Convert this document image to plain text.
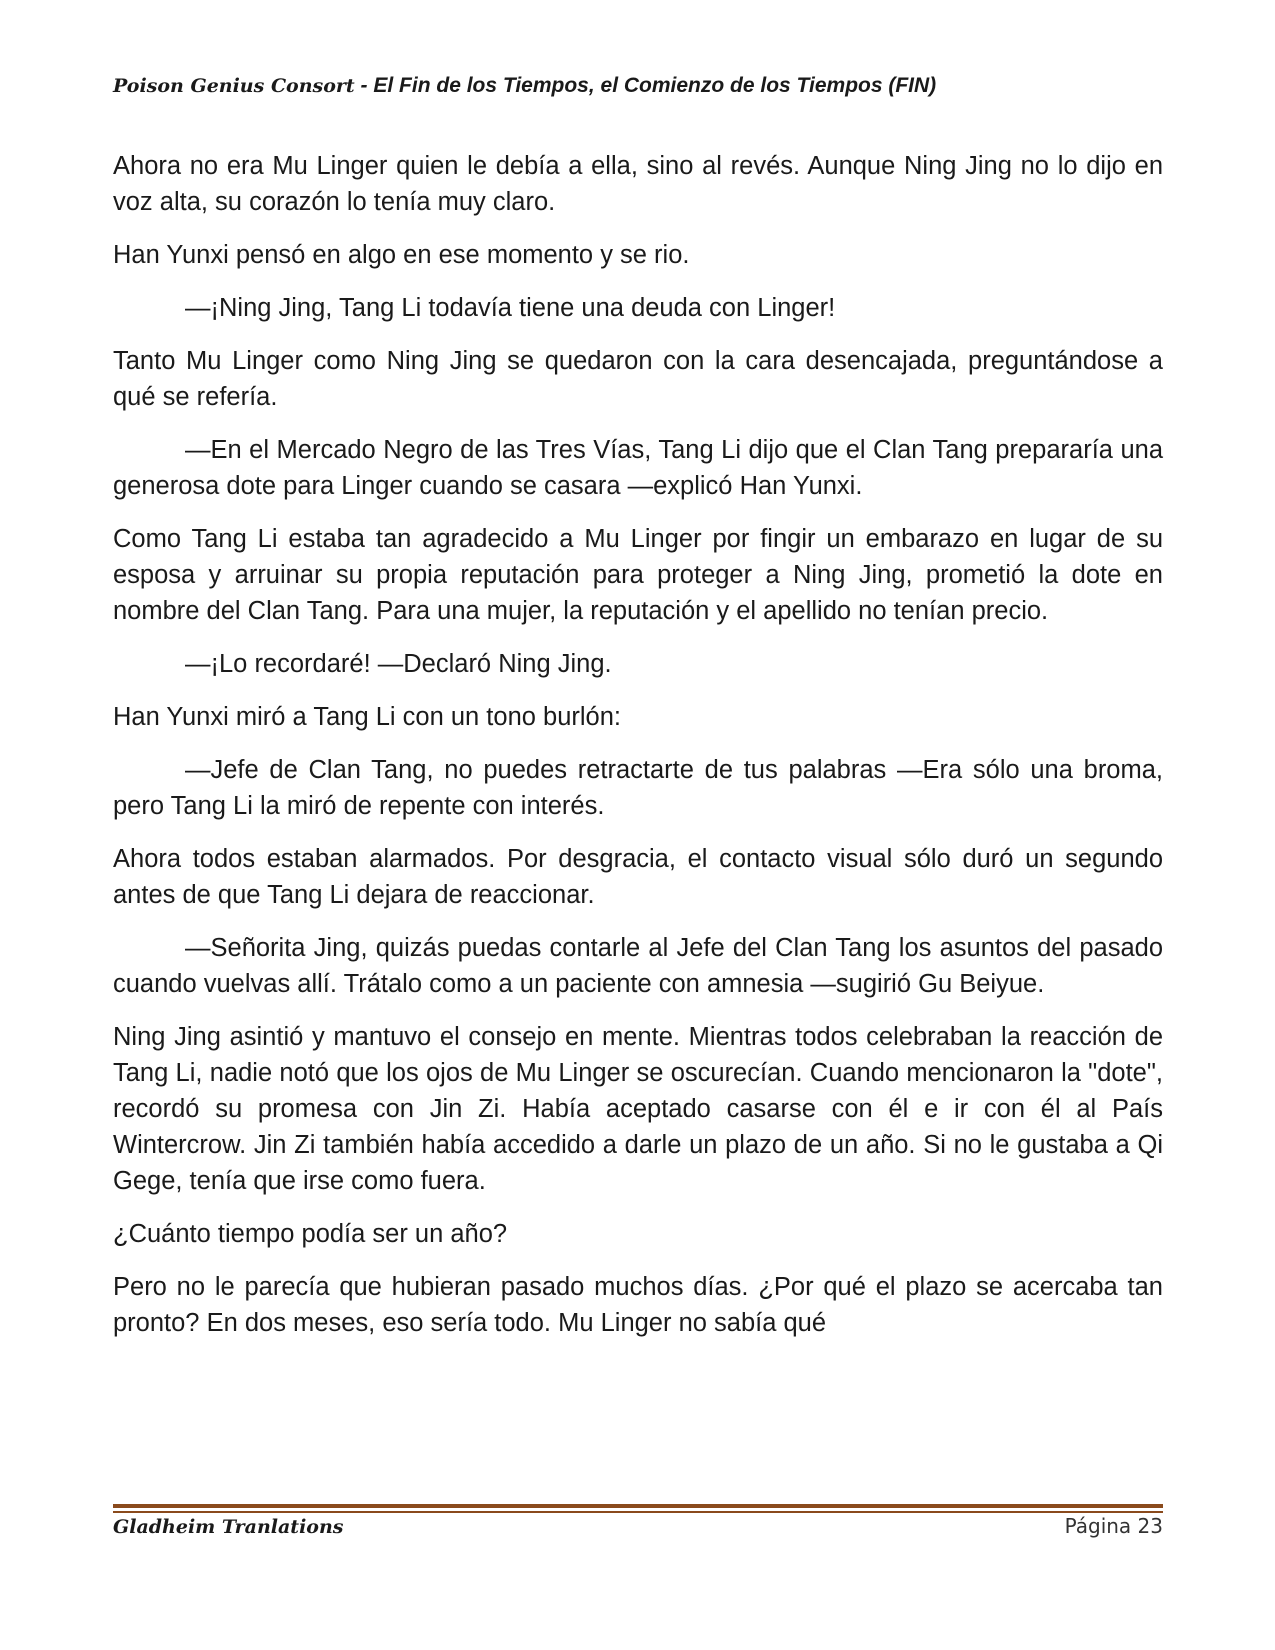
Poison Genius Consort - El Fin de los Tiempos, el Comienzo de los Tiempos (FIN)

Ahora no era Mu Linger quien le debía a ella, sino al revés. Aunque Ning Jing no lo dijo en voz alta, su corazón lo tenía muy claro.

Han Yunxi pensó en algo en ese momento y se rio.

—¡Ning Jing, Tang Li todavía tiene una deuda con Linger!

Tanto Mu Linger como Ning Jing se quedaron con la cara desencajada, preguntándose a qué se refería.

—En el Mercado Negro de las Tres Vías, Tang Li dijo que el Clan Tang prepararía una generosa dote para Linger cuando se casara —explicó Han Yunxi.

Como Tang Li estaba tan agradecido a Mu Linger por fingir un embarazo en lugar de su esposa y arruinar su propia reputación para proteger a Ning Jing, prometió la dote en nombre del Clan Tang. Para una mujer, la reputación y el apellido no tenían precio.

—¡Lo recordaré! —Declaró Ning Jing.

Han Yunxi miró a Tang Li con un tono burlón:

—Jefe de Clan Tang, no puedes retractarte de tus palabras —Era sólo una broma, pero Tang Li la miró de repente con interés.

Ahora todos estaban alarmados. Por desgracia, el contacto visual sólo duró un segundo antes de que Tang Li dejara de reaccionar.

—Señorita Jing, quizás puedas contarle al Jefe del Clan Tang los asuntos del pasado cuando vuelvas allí. Trátalo como a un paciente con amnesia —sugirió Gu Beiyue.

Ning Jing asintió y mantuvo el consejo en mente. Mientras todos celebraban la reacción de Tang Li, nadie notó que los ojos de Mu Linger se oscurecían. Cuando mencionaron la "dote", recordó su promesa con Jin Zi. Había aceptado casarse con él e ir con él al País Wintercrow. Jin Zi también había accedido a darle un plazo de un año. Si no le gustaba a Qi Gege, tenía que irse como fuera.

¿Cuánto tiempo podía ser un año?

Pero no le parecía que hubieran pasado muchos días. ¿Por qué el plazo se acercaba tan pronto? En dos meses, eso sería todo. Mu Linger no sabía qué

Gladheim Tranlations	Página 23
